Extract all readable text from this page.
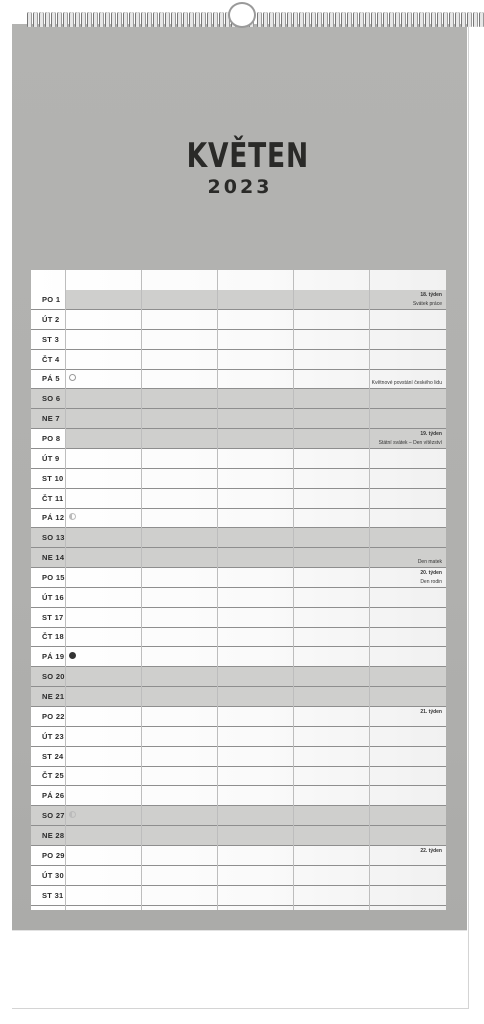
KVĚTEN
2023
PO 1	18. týden
Svátek práce
ÚT 2
ST 3
ČT 4
PÁ 5	Květnové povstání českého lidu
SO 6
NE 7
PO 8	19. týden
Státní svátek – Den vítězství
ÚT 9
ST 10
ČT 11
PÁ 12
SO 13
NE 14	Den matek
PO 15	20. týden
Den rodin
ÚT 16
ST 17
ČT 18
PÁ 19
SO 20
NE 21
PO 22	21. týden
ÚT 23
ST 24
ČT 25
PÁ 26
SO 27
NE 28
PO 29	22. týden
ÚT 30
ST 31
